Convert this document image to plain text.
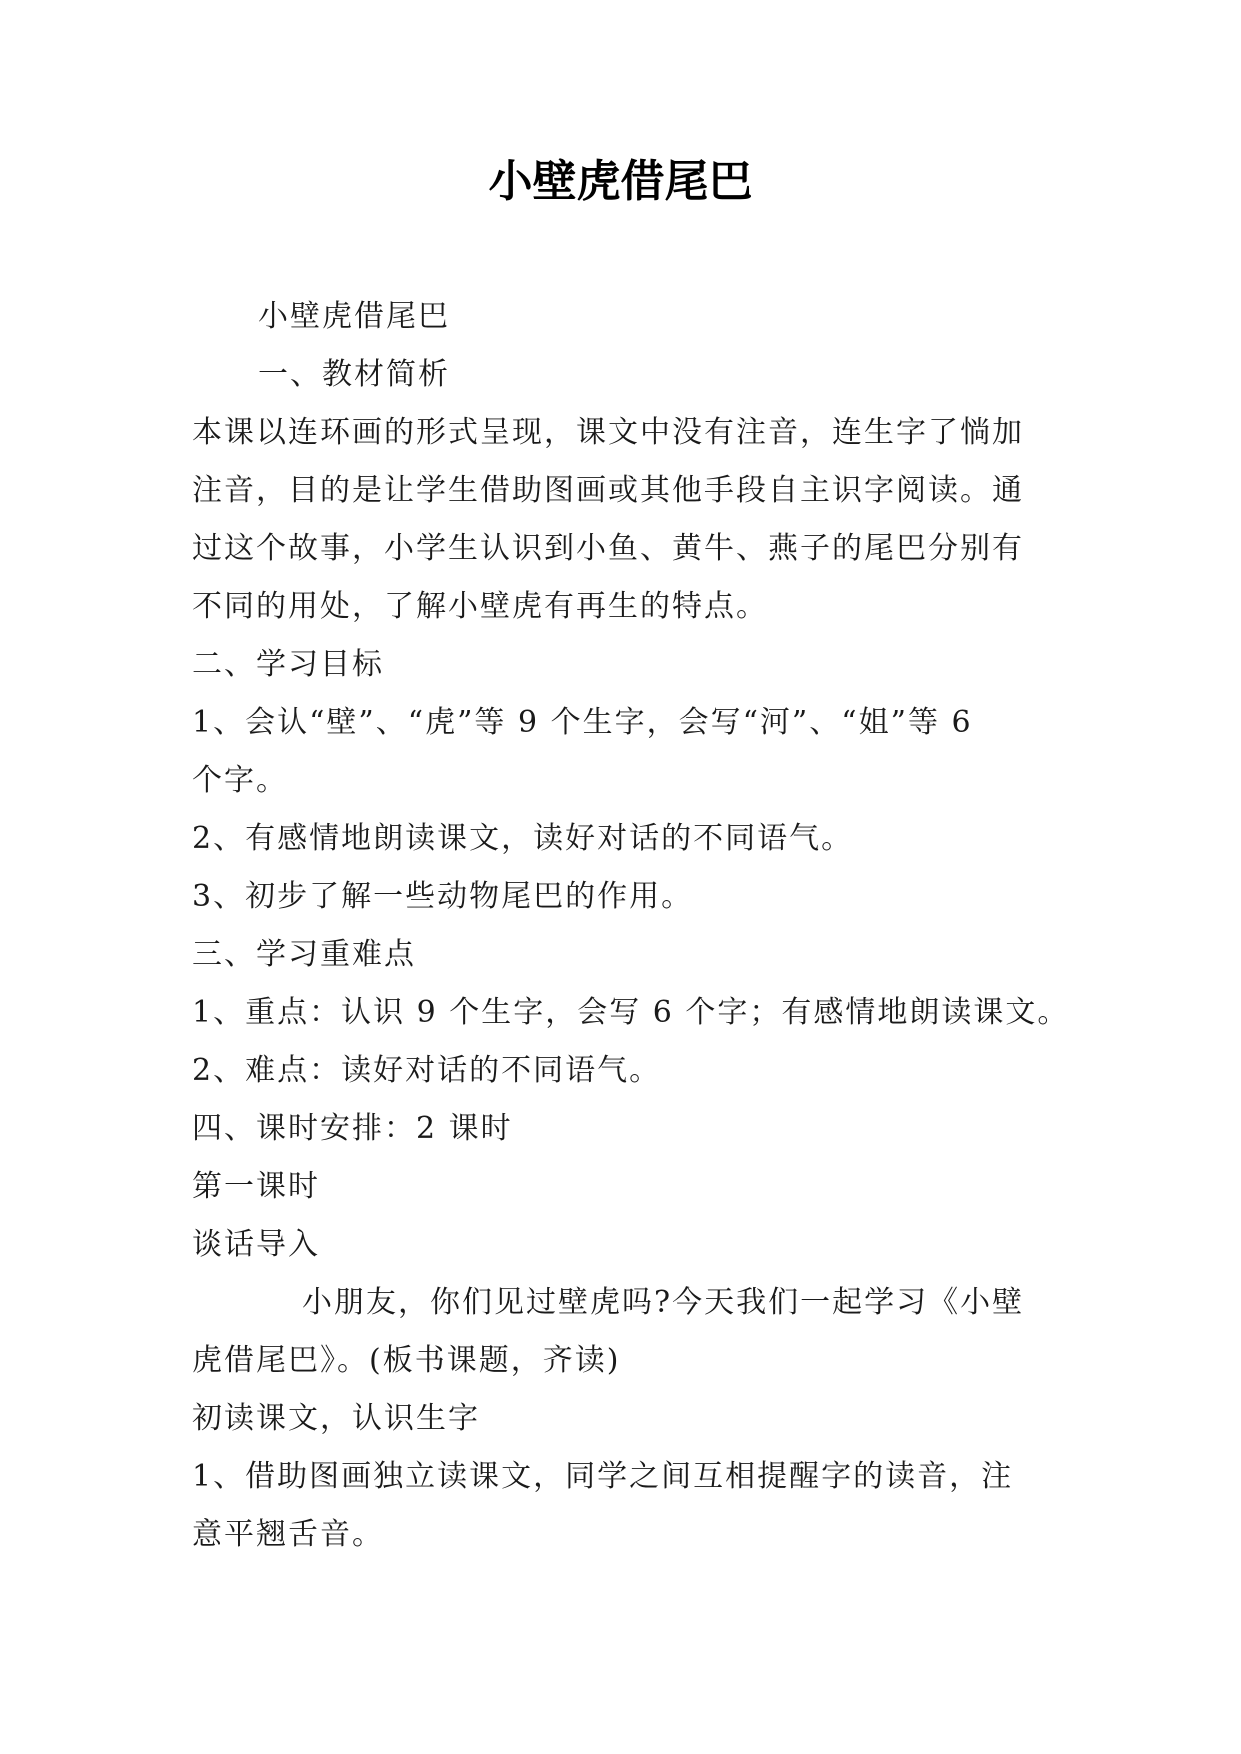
小壁虎借尾巴
小壁虎借尾巴
一、教材简析
本课以连环画的形式呈现，课文中没有注音，连生字了惝加
注音，目的是让学生借助图画或其他手段自主识字阅读。通
过这个故事，小学生认识到小鱼、黄牛、燕子的尾巴分别有
不同的用处，了解小壁虎有再生的特点。
二、学习目标
1、会认“壁”、“虎”等 9 个生字，会写“河”、“姐”等 6
个字。
2、有感情地朗读课文，读好对话的不同语气。
3、初步了解一些动物尾巴的作用。
三、学习重难点
1、重点：认识 9 个生字，会写 6 个字；有感情地朗读课文。
2、难点：读好对话的不同语气。
四、课时安排：2 课时
第一课时
谈话导入
小朋友，你们见过壁虎吗?今天我们一起学习《小壁
虎借尾巴》。(板书课题，齐读)
初读课文，认识生字
1、借助图画独立读课文，同学之间互相提醒字的读音，注
意平翘舌音。
